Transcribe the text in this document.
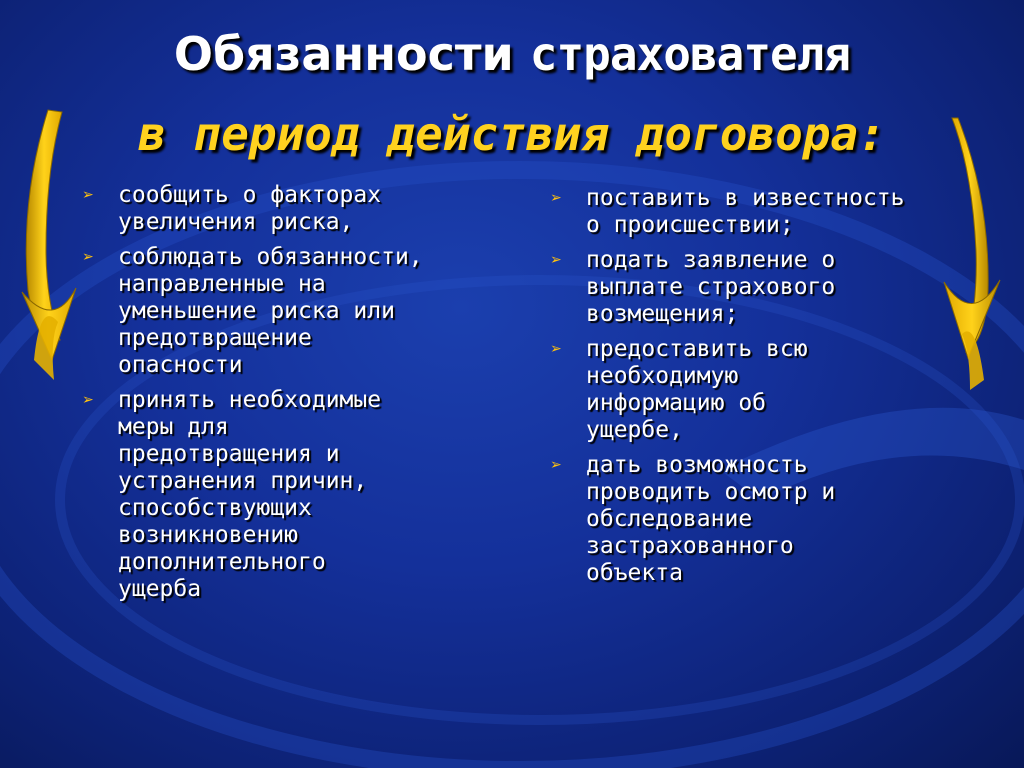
Обязанности страхователя
в период действия договора:
➢ сообщить о факторах
увеличения риска,
➢ соблюдать обязанности,
направленные на
уменьшение риска или
предотвращение
опасности
➢ принять необходимые
меры для
предотвращения и
устранения причин,
способствующих
возникновению
дополнительного
ущерба
➢ поставить в известность
о происшествии;
➢ подать заявление о
выплате страхового
возмещения;
➢ предоставить всю
необходимую
информацию об
ущербе,
➢ дать возможность
проводить осмотр и
обследование
застрахованного
объекта
